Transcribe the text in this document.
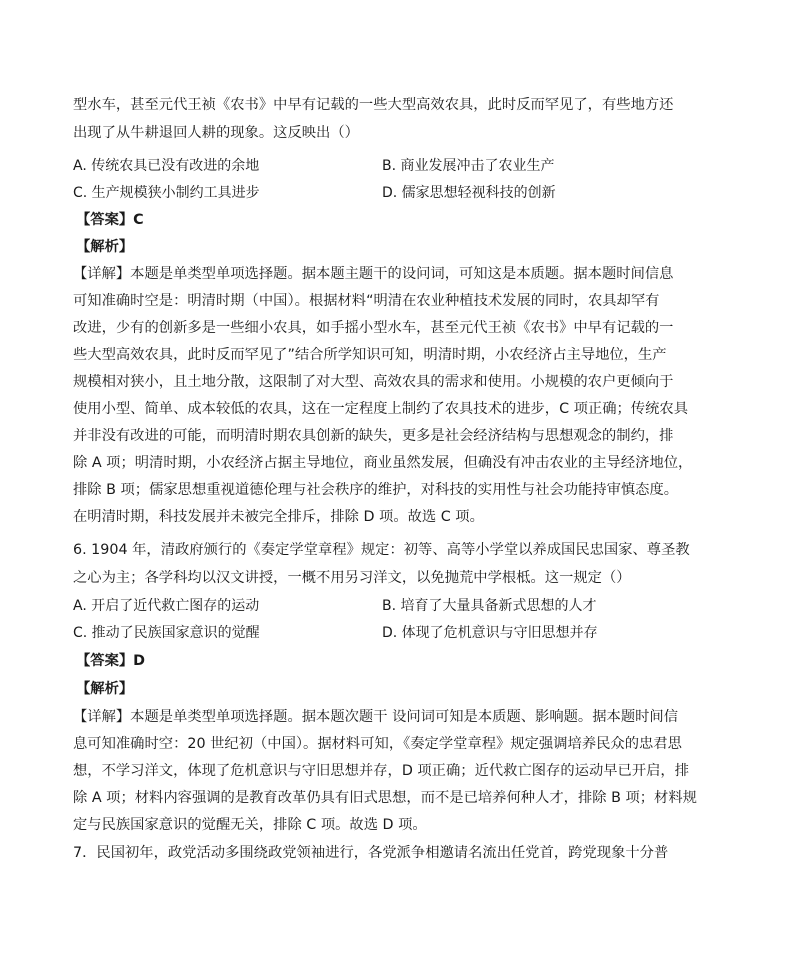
型水车，甚至元代王祯《农书》中早有记载的一些大型高效农具，此时反而罕见了，有些地方还
出现了从牛耕退回人耕的现象。这反映出（）
A. 传统农具已没有改进的余地	B. 商业发展冲击了农业生产
C. 生产规模狭小制约工具进步	D. 儒家思想轻视科技的创新
【答案】C
【解析】
【详解】本题是单类型单项选择题。据本题主题干的设问词，可知这是本质题。据本题时间信息
可知准确时空是：明清时期（中国）。根据材料“明清在农业种植技术发展的同时，农具却罕有
改进，少有的创新多是一些细小农具，如手摇小型水车，甚至元代王祯《农书》中早有记载的一
些大型高效农具，此时反而罕见了”结合所学知识可知，明清时期，小农经济占主导地位，生产
规模相对狭小，且土地分散，这限制了对大型、高效农具的需求和使用。小规模的农户更倾向于
使用小型、简单、成本较低的农具，这在一定程度上制约了农具技术的进步，C 项正确；传统农具
并非没有改进的可能，而明清时期农具创新的缺失，更多是社会经济结构与思想观念的制约，排
除 A 项；明清时期，小农经济占据主导地位，商业虽然发展，但确没有冲击农业的主导经济地位，
排除 B 项；儒家思想重视道德伦理与社会秩序的维护，对科技的实用性与社会功能持审慎态度。
在明清时期，科技发展并未被完全排斥，排除 D 项。故选 C 项。
6. 1904 年，清政府颁行的《奏定学堂章程》规定：初等、高等小学堂以养成国民忠国家、尊圣教
之心为主；各学科均以汉文讲授，一概不用另习洋文，以免抛荒中学根柢。这一规定（）
A. 开启了近代救亡图存的运动	B. 培育了大量具备新式思想的人才
C. 推动了民族国家意识的觉醒	D. 体现了危机意识与守旧思想并存
【答案】D
【解析】
【详解】本题是单类型单项选择题。据本题次题干 设问词可知是本质题、影响题。据本题时间信
息可知准确时空：20 世纪初（中国）。据材料可知，《奏定学堂章程》规定强调培养民众的忠君思
想，不学习洋文，体现了危机意识与守旧思想并存，D 项正确；近代救亡图存的运动早已开启，排
除 A 项；材料内容强调的是教育改革仍具有旧式思想，而不是已培养何种人才，排除 B 项；材料规
定与民族国家意识的觉醒无关，排除 C 项。故选 D 项。
7．民国初年，政党活动多围绕政党领袖进行，各党派争相邀请名流出任党首，跨党现象十分普
